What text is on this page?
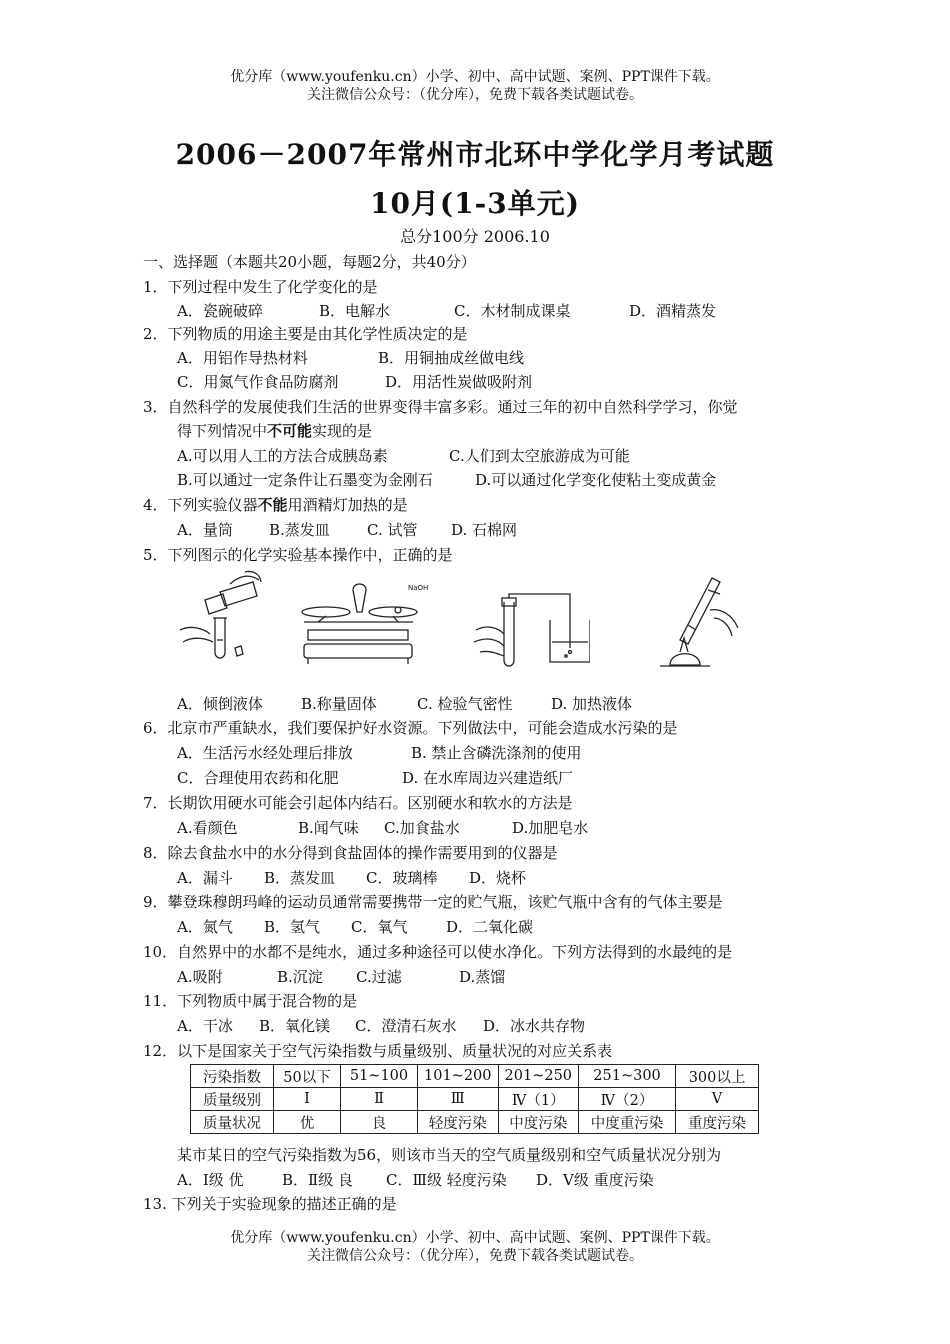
优分库（www.youfenku.cn）小学、初中、高中试题、案例、PPT课件下载。
关注微信公众号：（优分库），免费下载各类试题试卷。
2006－2007年常州市北环中学化学月考试题
10月(1-3单元)
总分100分 2006.10
一、选择题（本题共20小题，每题2分，共40分）
1．下列过程中发生了化学变化的是
A．瓷碗破碎	B．电解水	C．木材制成课桌	D．酒精蒸发
2．下列物质的用途主要是由其化学性质决定的是
A．用铝作导热材料	B．用铜抽成丝做电线
C．用氮气作食品防腐剂	D．用活性炭做吸附剂
3．自然科学的发展使我们生活的世界变得丰富多彩。通过三年的初中自然科学学习，你觉
得下列情况中不可能实现的是
A.可以用人工的方法合成胰岛素	C.人们到太空旅游成为可能
B.可以通过一定条件让石墨变为金刚石	D.可以通过化学变化使粘土变成黄金
4．下列实验仪器不能用酒精灯加热的是
A．量筒 B.蒸发皿 C. 试管 D. 石棉网
5．下列图示的化学实验基本操作中，正确的是
NaOH
A．倾倒液体	B.称量固体	C. 检验气密性	D. 加热液体
6．北京市严重缺水，我们要保护好水资源。下列做法中，可能会造成水污染的是
A．生活污水经处理后排放	B. 禁止含磷洗涤剂的使用
C．合理使用农药和化肥	D. 在水库周边兴建造纸厂
7．长期饮用硬水可能会引起体内结石。区别硬水和软水的方法是
A.看颜色	B.闻气味 C.加食盐水	D.加肥皂水
8．除去食盐水中的水分得到食盐固体的操作需要用到的仪器是
A．漏斗 B．蒸发皿 C．玻璃棒 D．烧杯
9．攀登珠穆朗玛峰的运动员通常需要携带一定的贮气瓶，该贮气瓶中含有的气体主要是
A．氮气 B．氢气 C．氧气	D．二氧化碳
10．自然界中的水都不是纯水，通过多种途径可以使水净化。下列方法得到的水最纯的是
A.吸附	B.沉淀 C.过滤	D.蒸馏
11．下列物质中属于混合物的是
A．干冰 B．氧化镁 C．澄清石灰水 D．冰水共存物
12．以下是国家关于空气污染指数与质量级别、质量状况的对应关系表
污染指数	50以下	51~100	101~200	201~250	251~300	300以上
质量级别	Ⅰ	Ⅱ	Ⅲ	Ⅳ（1）	Ⅳ（2）	Ⅴ
质量状况	优	良	轻度污染	中度污染	中度重污染	重度污染
某市某日的空气污染指数为56，则该市当天的空气质量级别和空气质量状况分别为
A．Ⅰ级 优	B．Ⅱ级 良 C．Ⅲ级 轻度污染 D．Ⅴ级 重度污染
13. 下列关于实验现象的描述正确的是
优分库（www.youfenku.cn）小学、初中、高中试题、案例、PPT课件下载。
关注微信公众号：（优分库），免费下载各类试题试卷。
